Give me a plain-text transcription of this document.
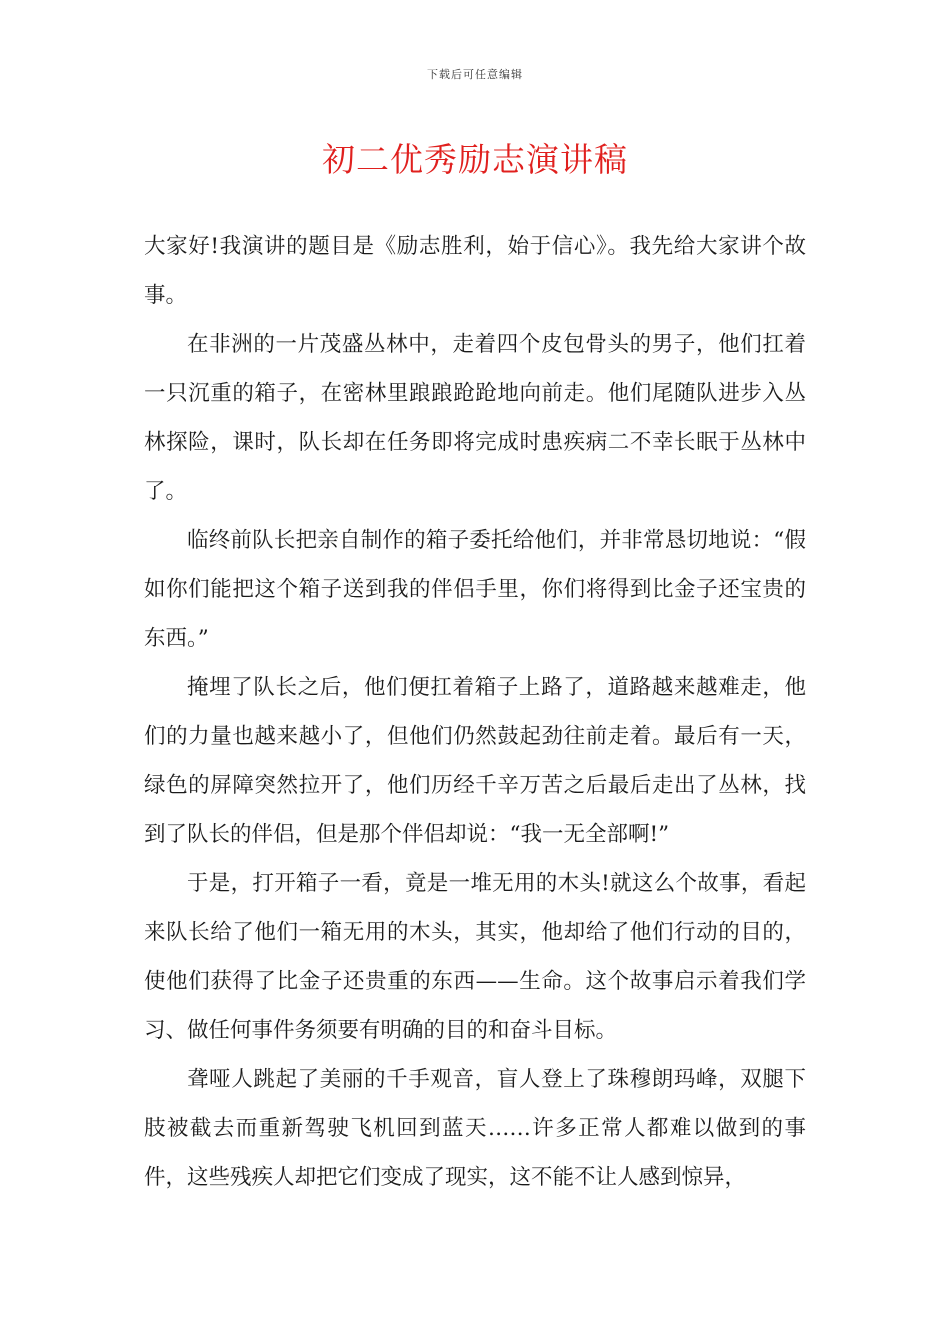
下载后可任意编辑
初二优秀励志演讲稿

大家好!我演讲的题目是《励志胜利，始于信心》。我先给大家讲个故事。

在非洲的一片茂盛丛林中，走着四个皮包骨头的男子，他们扛着一只沉重的箱子，在密林里踉踉跄跄地向前走。他们尾随队进步入丛林探险，课时，队长却在任务即将完成时患疾病二不幸长眠于丛林中了。

临终前队长把亲自制作的箱子委托给他们，并非常恳切地说：“假如你们能把这个箱子送到我的伴侣手里，你们将得到比金子还宝贵的东西。”

掩埋了队长之后，他们便扛着箱子上路了，道路越来越难走，他们的力量也越来越小了，但他们仍然鼓起劲往前走着。最后有一天，绿色的屏障突然拉开了，他们历经千辛万苦之后最后走出了丛林，找到了队长的伴侣，但是那个伴侣却说：“我一无全部啊!”

于是，打开箱子一看，竟是一堆无用的木头!就这么个故事，看起来队长给了他们一箱无用的木头，其实，他却给了他们行动的目的，使他们获得了比金子还贵重的东西——生命。这个故事启示着我们学习、做任何事件务须要有明确的目的和奋斗目标。

聋哑人跳起了美丽的千手观音，盲人登上了珠穆朗玛峰，双腿下肢被截去而重新驾驶飞机回到蓝天……许多正常人都难以做到的事件，这些残疾人却把它们变成了现实，这不能不让人感到惊异，
